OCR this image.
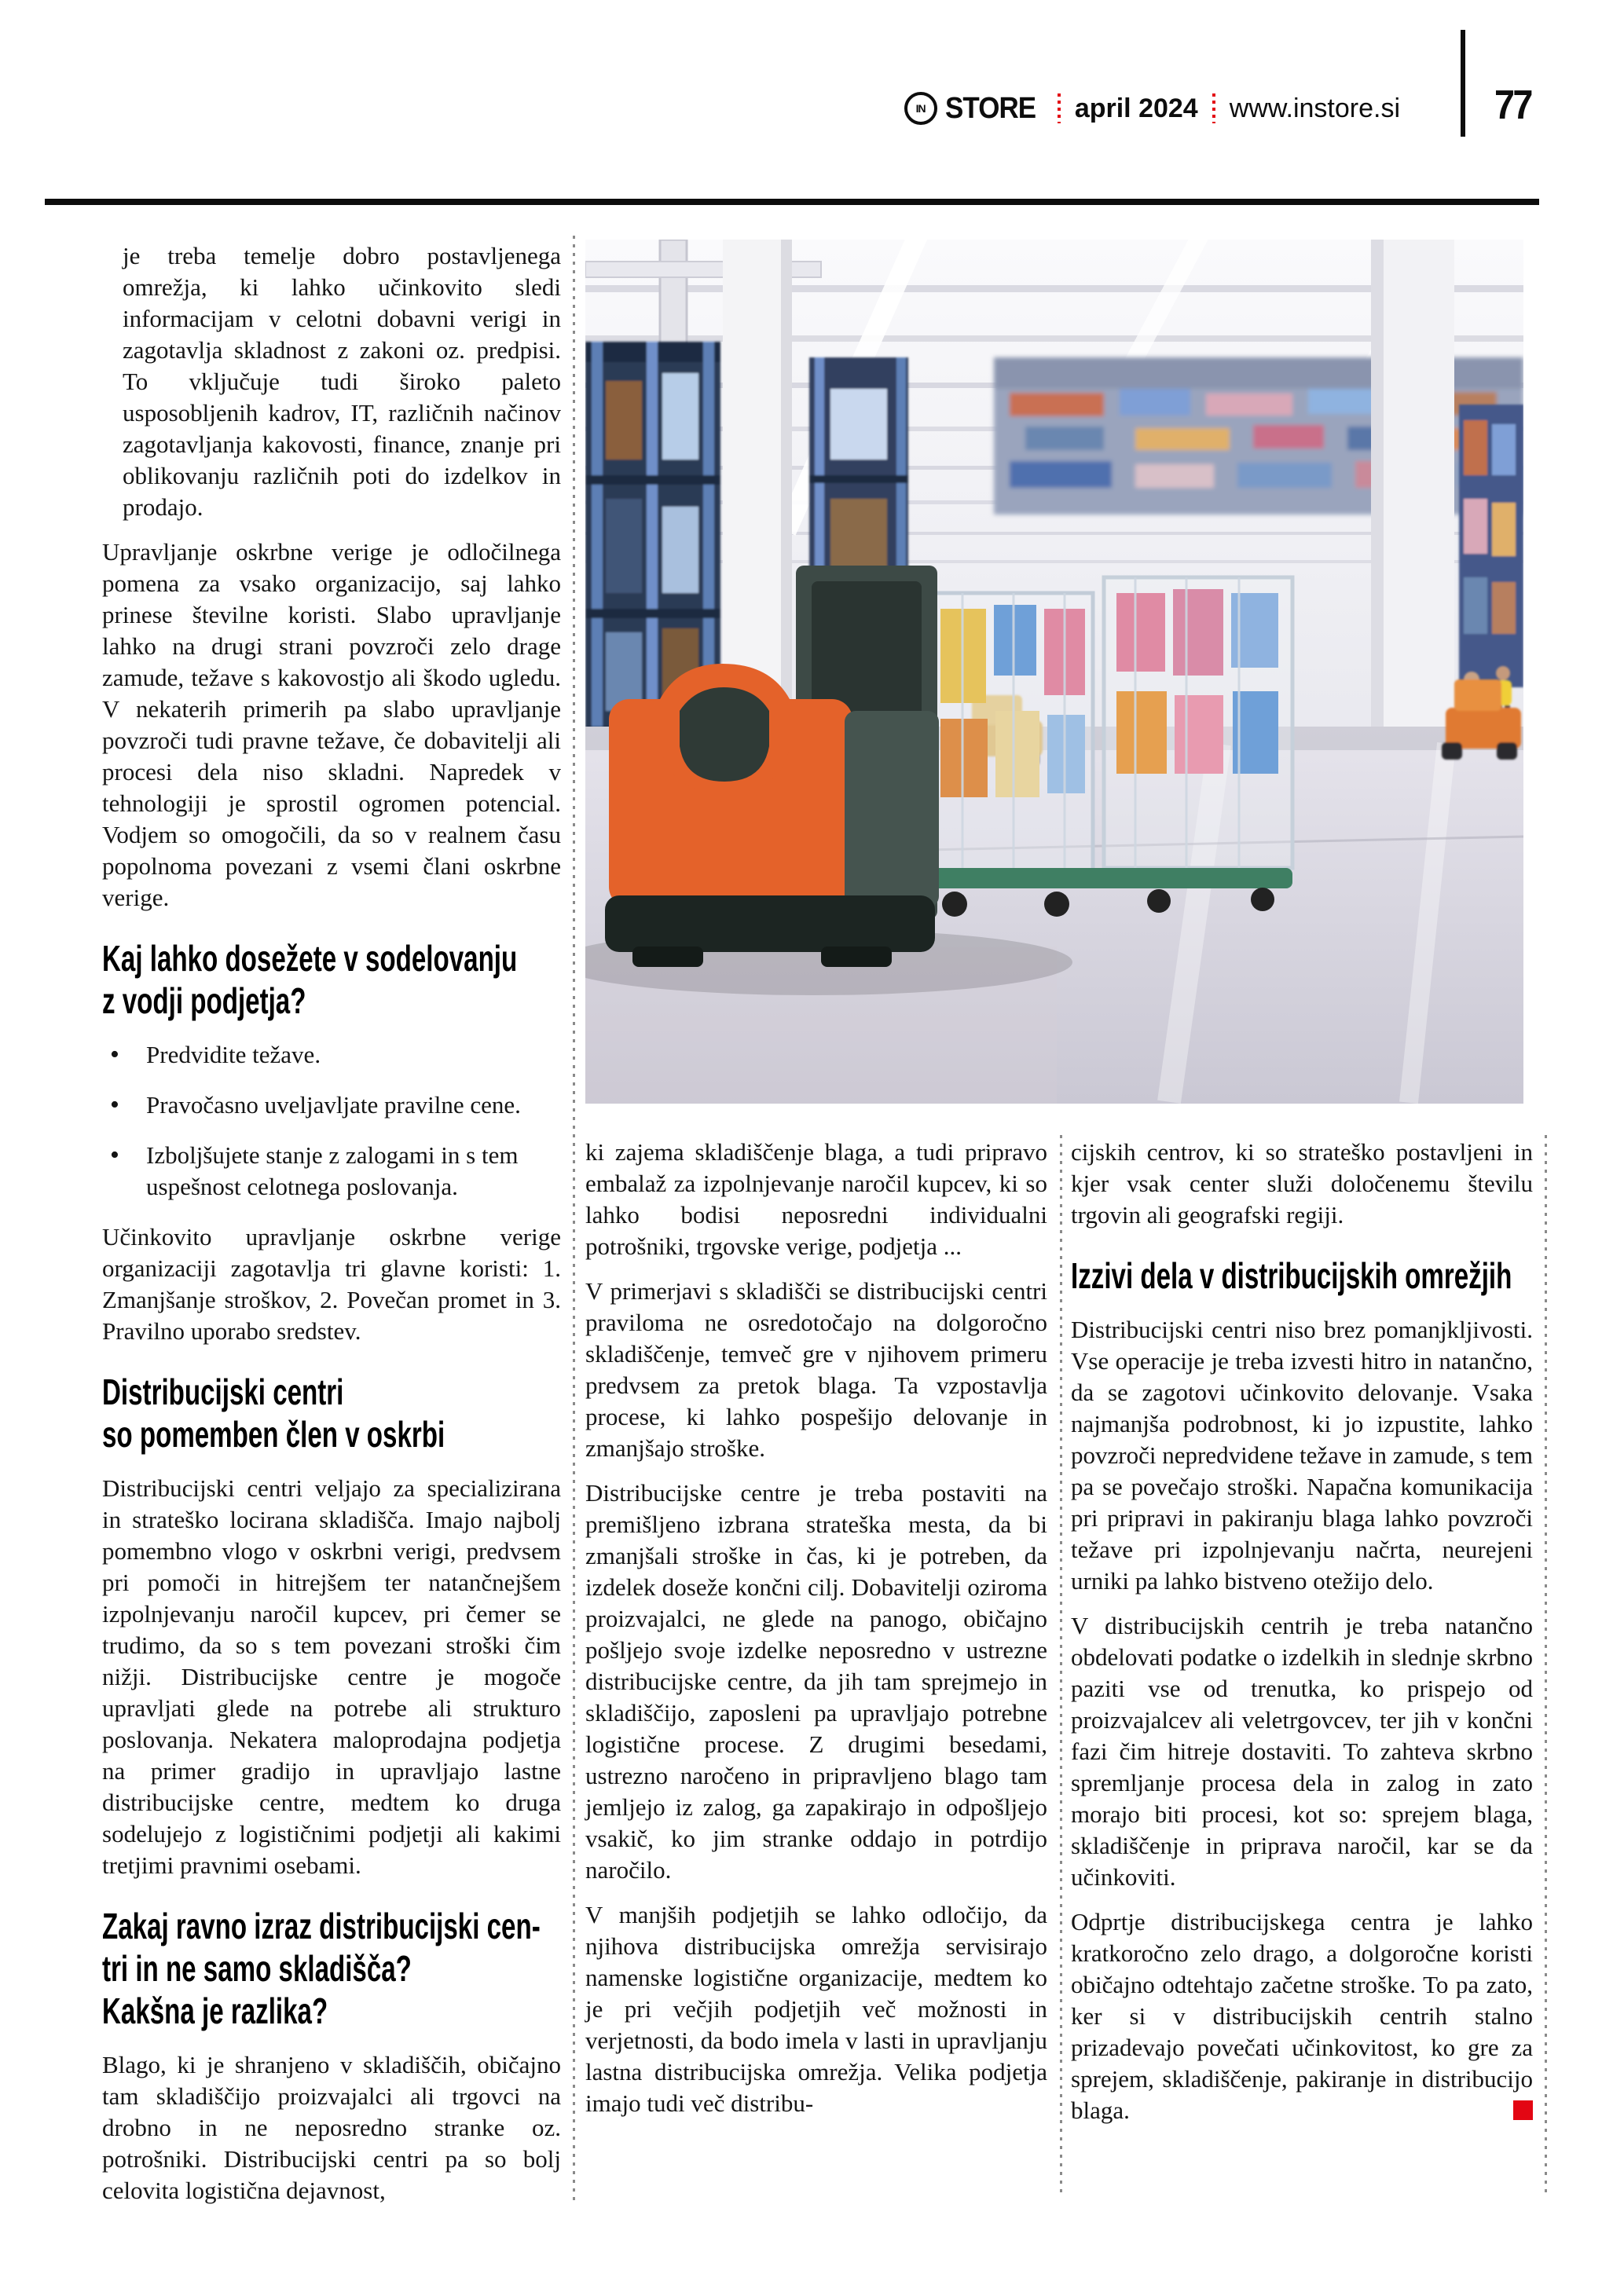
IN STORE april 2024 www.instore.si 77

je treba temelje dobro postavljenega omrežja, ki lahko učinkovito sledi informacijam v celotni dobavni verigi in zagotavlja skladnost z zakoni oz. predpisi. To vključuje tudi široko paleto usposobljenih kadrov, IT, različnih načinov zagotavljanja kakovosti, finance, znanje pri oblikovanju različnih poti do izdelkov in prodajo.

Upravljanje oskrbne verige je odločilnega pomena za vsako organizacijo, saj lahko prinese številne koristi. Slabo upravljanje lahko na drugi strani povzroči zelo drage zamude, težave s kakovostjo ali škodo ugledu. V nekaterih primerih pa slabo upravljanje povzroči tudi pravne težave, če dobavitelji ali procesi dela niso skladni. Napredek v tehnologiji je sprostil ogromen potencial. Vodjem so omogočili, da so v realnem času popolnoma povezani z vsemi člani oskrbne verige.

Kaj lahko dosežete v sodelovanju
z vodji podjetja?
•	Predvidite težave.
•	Pravočasno uveljavljate pravilne cene.
•	Izboljšujete stanje z zalogami in s tem uspešnost celotnega poslovanja.

Učinkovito upravljanje oskrbne verige organizaciji zagotavlja tri glavne koristi: 1. Zmanjšanje stroškov, 2. Povečan promet in 3. Pravilno uporabo sredstev.

Distribucijski centri
so pomemben člen v oskrbi

Distribucijski centri veljajo za specializirana in strateško locirana skladišča. Imajo najbolj pomembno vlogo v oskrbni verigi, predvsem pri pomoči in hitrejšem ter natančnejšem izpolnjevanju naročil kupcev, pri čemer se trudimo, da so s tem povezani stroški čim nižji. Distribucijske centre je mogoče upravljati glede na potrebe ali strukturo poslovanja. Nekatera maloprodajna podjetja na primer gradijo in upravljajo lastne distribucijske centre, medtem ko druga sodelujejo z logističnimi podjetji ali kakimi tretjimi pravnimi osebami.

Zakaj ravno izraz distribucijski cen-
tri in ne samo skladišča?
Kakšna je razlika?

Blago, ki je shranjeno v skladiščih, običajno tam skladiščijo proizvajalci ali trgovci na drobno in ne neposredno stranke oz. potrošniki. Distribucijski centri pa so bolj celovita logistična dejavnost,

ki zajema skladiščenje blaga, a tudi pripravo embalaž za izpolnjevanje naročil kupcev, ki so lahko bodisi neposredni individualni potrošniki, trgovske verige, podjetja ...

V primerjavi s skladišči se distribucijski centri praviloma ne osredotočajo na dolgoročno skladiščenje, temveč gre v njihovem primeru predvsem za pretok blaga. Ta vzpostavlja procese, ki lahko pospešijo delovanje in zmanjšajo stroške.

Distribucijske centre je treba postaviti na premišljeno izbrana strateška mesta, da bi zmanjšali stroške in čas, ki je potreben, da izdelek doseže končni cilj. Dobavitelji oziroma proizvajalci, ne glede na panogo, običajno pošljejo svoje izdelke neposredno v ustrezne distribucijske centre, da jih tam sprejmejo in skladiščijo, zaposleni pa upravljajo potrebne logistične procese. Z drugimi besedami, ustrezno naročeno in pripravljeno blago tam jemljejo iz zalog, ga zapakirajo in odpošljejo vsakič, ko jim stranke oddajo in potrdijo naročilo.

V manjših podjetjih se lahko odločijo, da njihova distribucijska omrežja servisirajo namenske logistične organizacije, medtem ko je pri večjih podjetjih več možnosti in verjetnosti, da bodo imela v lasti in upravljanju lastna distribucijska omrežja. Velika podjetja imajo tudi več distribu-

cijskih centrov, ki so strateško postavljeni in kjer vsak center služi določenemu številu trgovin ali geografski regiji.

Izzivi dela v distribucijskih omrežjih

Distribucijski centri niso brez pomanjkljivosti. Vse operacije je treba izvesti hitro in natančno, da se zagotovi učinkovito delovanje. Vsaka najmanjša podrobnost, ki jo izpustite, lahko povzroči nepredvidene težave in zamude, s tem pa se povečajo stroški. Napačna komunikacija pri pripravi in pakiranju blaga lahko povzroči težave pri izpolnjevanju načrta, neurejeni urniki pa lahko bistveno otežijo delo.

V distribucijskih centrih je treba natančno obdelovati podatke o izdelkih in slednje skrbno paziti vse od trenutka, ko prispejo od proizvajalcev ali veletrgovcev, ter jih v končni fazi čim hitreje dostaviti. To zahteva skrbno spremljanje procesa dela in zalog in zato morajo biti procesi, kot so: sprejem blaga, skladiščenje in priprava naročil, kar se da učinkoviti.

Odprtje distribucijskega centra je lahko kratkoročno zelo drago, a dolgoročne koristi običajno odtehtajo začetne stroške. To pa zato, ker si v distribucijskih centrih stalno prizadevajo povečati učinkovitost, ko gre za sprejem, skladiščenje, pakiranje in distribucijo blaga.
